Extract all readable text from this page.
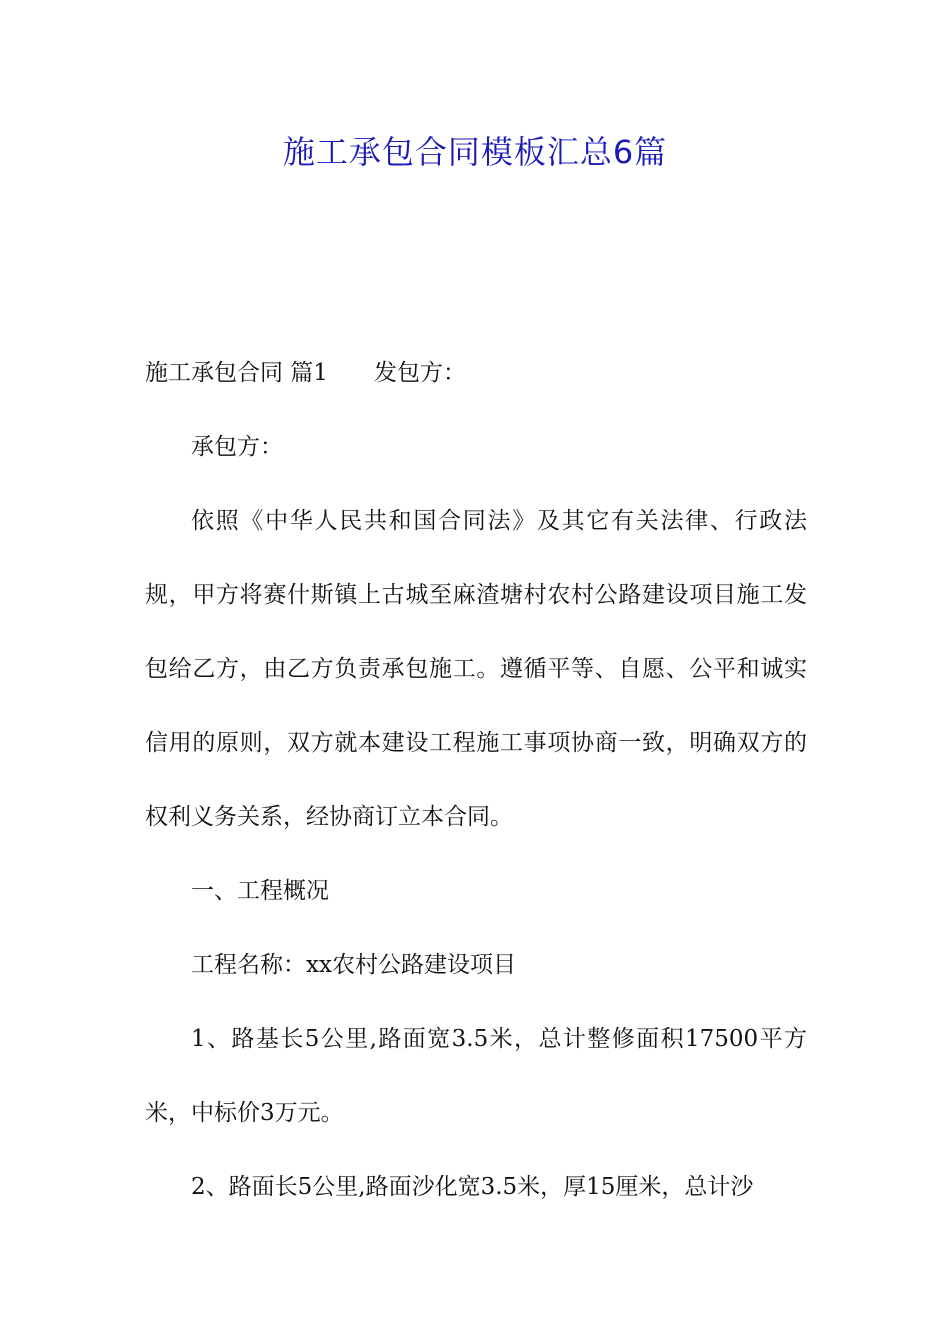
施工承包合同模板汇总6篇

施工承包合同 篇1 发包方：

承包方：

依照《中华人民共和国合同法》及其它有关法律、行政法规，甲方将赛什斯镇上古城至麻渣塘村农村公路建设项目施工发包给乙方，由乙方负责承包施工。遵循平等、自愿、公平和诚实信用的原则，双方就本建设工程施工事项协商一致，明确双方的权利义务关系，经协商订立本合同。

一、工程概况

工程名称：xx农村公路建设项目

1、路基长5公里,路面宽3.5米，总计整修面积17500平方米，中标价3万元。

2、路面长5公里,路面沙化宽3.5米，厚15厘米，总计沙
